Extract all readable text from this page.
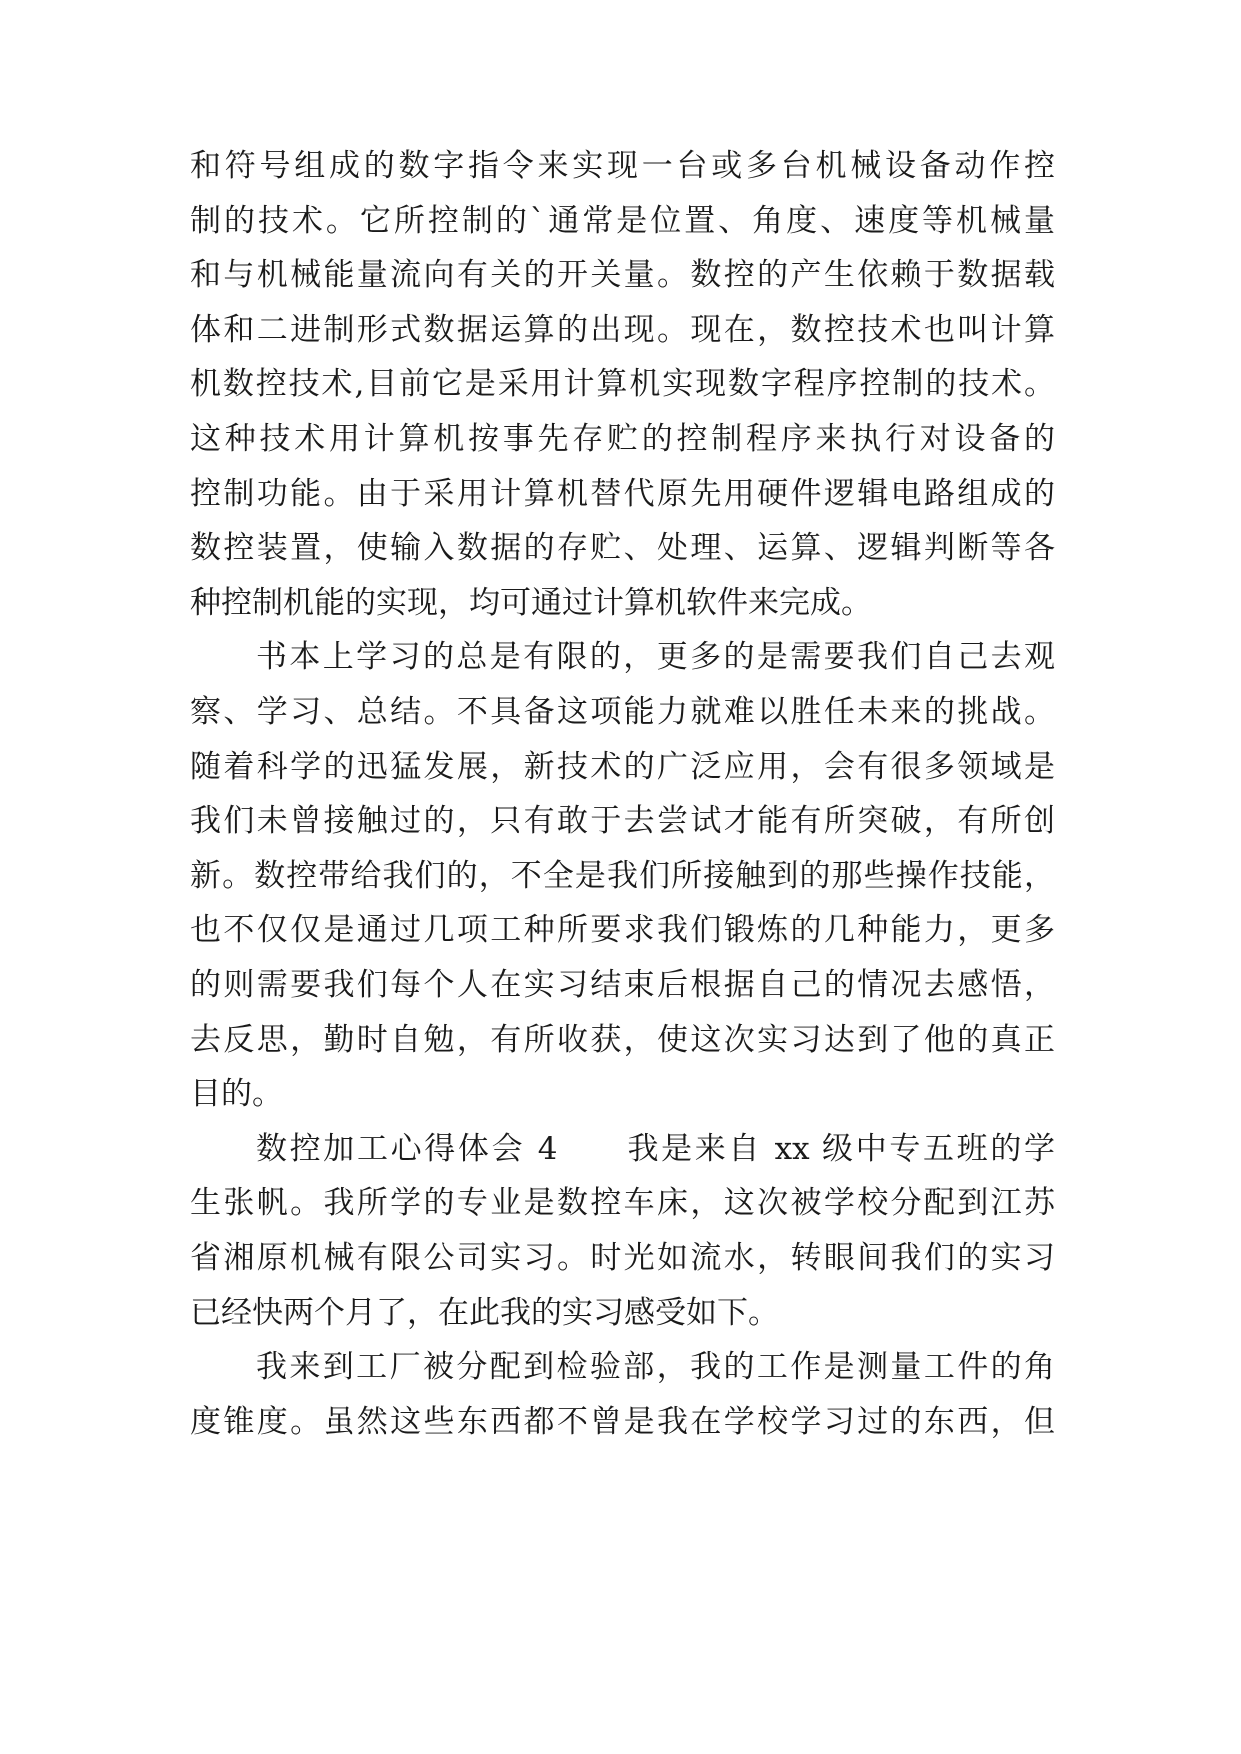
和符号组成的数字指令来实现一台或多台机械设备动作控
制的技术。它所控制的`通常是位置、角度、速度等机械量
和与机械能量流向有关的开关量。数控的产生依赖于数据载
体和二进制形式数据运算的出现。现在，数控技术也叫计算
机数控技术,目前它是采用计算机实现数字程序控制的技术。
这种技术用计算机按事先存贮的控制程序来执行对设备的
控制功能。由于采用计算机替代原先用硬件逻辑电路组成的
数控装置，使输入数据的存贮、处理、运算、逻辑判断等各
种控制机能的实现，均可通过计算机软件来完成。
书本上学习的总是有限的，更多的是需要我们自己去观
察、学习、总结。不具备这项能力就难以胜任未来的挑战。
随着科学的迅猛发展，新技术的广泛应用，会有很多领域是
我们未曾接触过的，只有敢于去尝试才能有所突破，有所创
新。数控带给我们的，不全是我们所接触到的那些操作技能，
也不仅仅是通过几项工种所要求我们锻炼的几种能力，更多
的则需要我们每个人在实习结束后根据自己的情况去感悟，
去反思，勤时自勉，有所收获，使这次实习达到了他的真正
目的。
数控加工心得体会 4　　我是来自 xx 级中专五班的学
生张帆。我所学的专业是数控车床，这次被学校分配到江苏
省湘原机械有限公司实习。时光如流水，转眼间我们的实习
已经快两个月了，在此我的实习感受如下。
我来到工厂被分配到检验部，我的工作是测量工件的角
度锥度。虽然这些东西都不曾是我在学校学习过的东西，但
